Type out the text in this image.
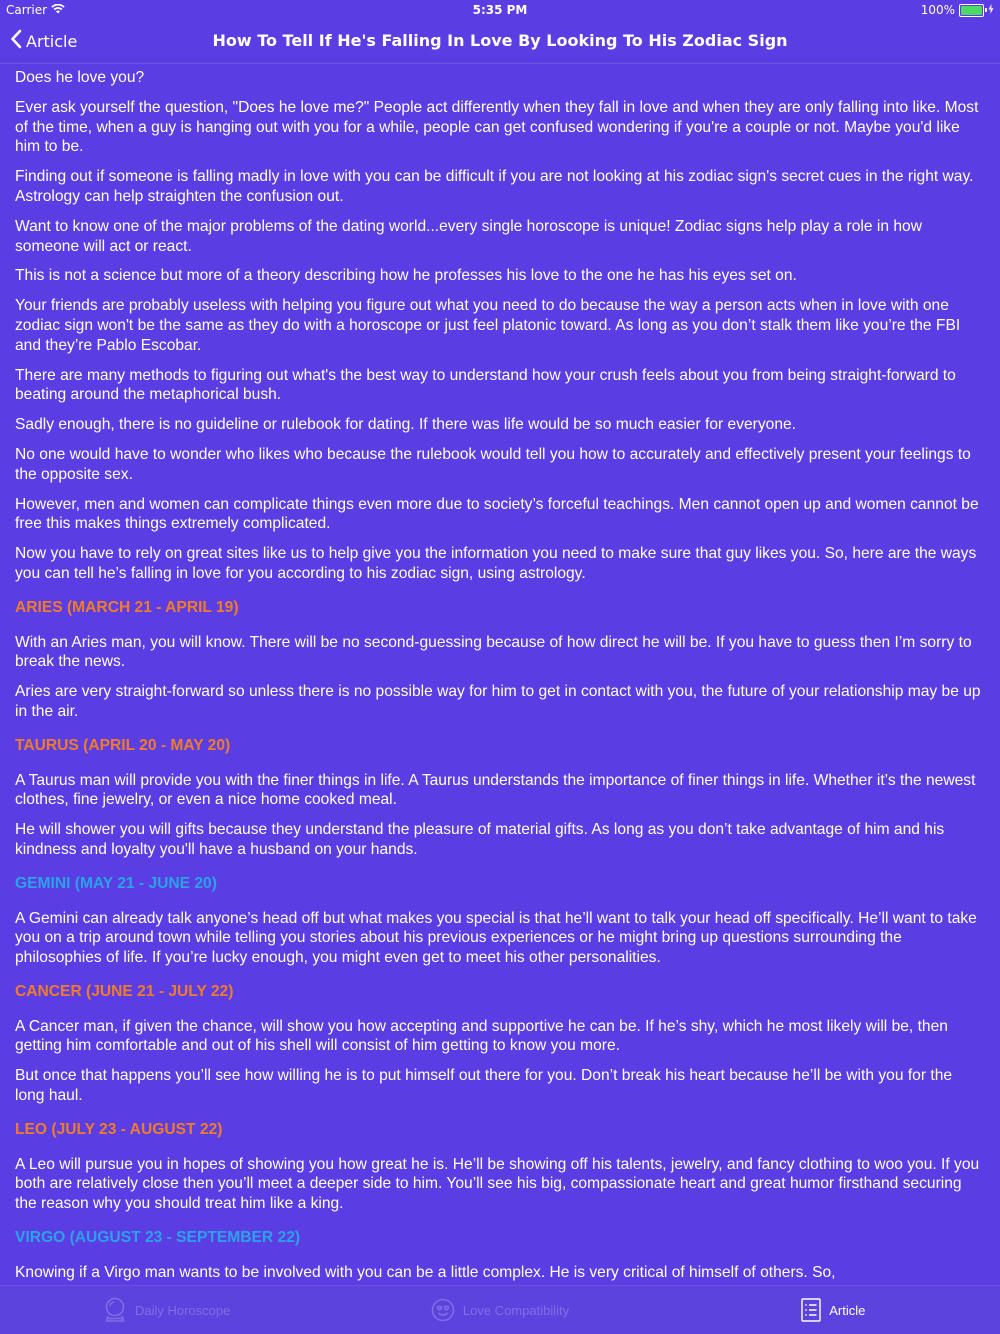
Carrier	5:35 PM	100%
Article	How To Tell If He's Falling In Love By Looking To His Zodiac Sign

Does he love you?

Ever ask yourself the question, "Does he love me?" People act differently when they fall in love and when they are only falling into like. Most of the time, when a guy is hanging out with you for a while, people can get confused wondering if you're a couple or not. Maybe you'd like him to be.

Finding out if someone is falling madly in love with you can be difficult if you are not looking at his zodiac sign's secret cues in the right way. Astrology can help straighten the confusion out.

Want to know one of the major problems of the dating world...every single horoscope is unique! Zodiac signs help play a role in how someone will act or react.

This is not a science but more of a theory describing how he professes his love to the one he has his eyes set on.

Your friends are probably useless with helping you figure out what you need to do because the way a person acts when in love with one zodiac sign won't be the same as they do with a horoscope or just feel platonic toward. As long as you don’t stalk them like you’re the FBI and they’re Pablo Escobar.

There are many methods to figuring out what's the best way to understand how your crush feels about you from being straight-forward to beating around the metaphorical bush.

Sadly enough, there is no guideline or rulebook for dating. If there was life would be so much easier for everyone.

No one would have to wonder who likes who because the rulebook would tell you how to accurately and effectively present your feelings to the opposite sex.

However, men and women can complicate things even more due to society’s forceful teachings. Men cannot open up and women cannot be free this makes things extremely complicated.

Now you have to rely on great sites like us to help give you the information you need to make sure that guy likes you. So, here are the ways you can tell he’s falling in love for you according to his zodiac sign, using astrology.

ARIES (MARCH 21 - APRIL 19)

With an Aries man, you will know. There will be no second-guessing because of how direct he will be. If you have to guess then I’m sorry to break the news.

Aries are very straight-forward so unless there is no possible way for him to get in contact with you, the future of your relationship may be up in the air.

TAURUS (APRIL 20 - MAY 20)

A Taurus man will provide you with the finer things in life. A Taurus understands the importance of finer things in life. Whether it’s the newest clothes, fine jewelry, or even a nice home cooked meal.

He will shower you will gifts because they understand the pleasure of material gifts. As long as you don’t take advantage of him and his kindness and loyalty you'll have a husband on your hands.

GEMINI (MAY 21 - JUNE 20)

A Gemini can already talk anyone’s head off but what makes you special is that he’ll want to talk your head off specifically. He’ll want to take you on a trip around town while telling you stories about his previous experiences or he might bring up questions surrounding the philosophies of life. If you’re lucky enough, you might even get to meet his other personalities.

CANCER (JUNE 21 - JULY 22)

A Cancer man, if given the chance, will show you how accepting and supportive he can be. If he’s shy, which he most likely will be, then getting him comfortable and out of his shell will consist of him getting to know you more.

But once that happens you’ll see how willing he is to put himself out there for you. Don’t break his heart because he’ll be with you for the long haul.

LEO (JULY 23 - AUGUST 22)

A Leo will pursue you in hopes of showing you how great he is. He’ll be showing off his talents, jewelry, and fancy clothing to woo you. If you both are relatively close then you’ll meet a deeper side to him. You’ll see his big, compassionate heart and great humor firsthand securing the reason why you should treat him like a king.

VIRGO (AUGUST 23 - SEPTEMBER 22)

Knowing if a Virgo man wants to be involved with you can be a little complex. He is very critical of himself of others. So,

Daily Horoscope	Love Compatibility	Article
